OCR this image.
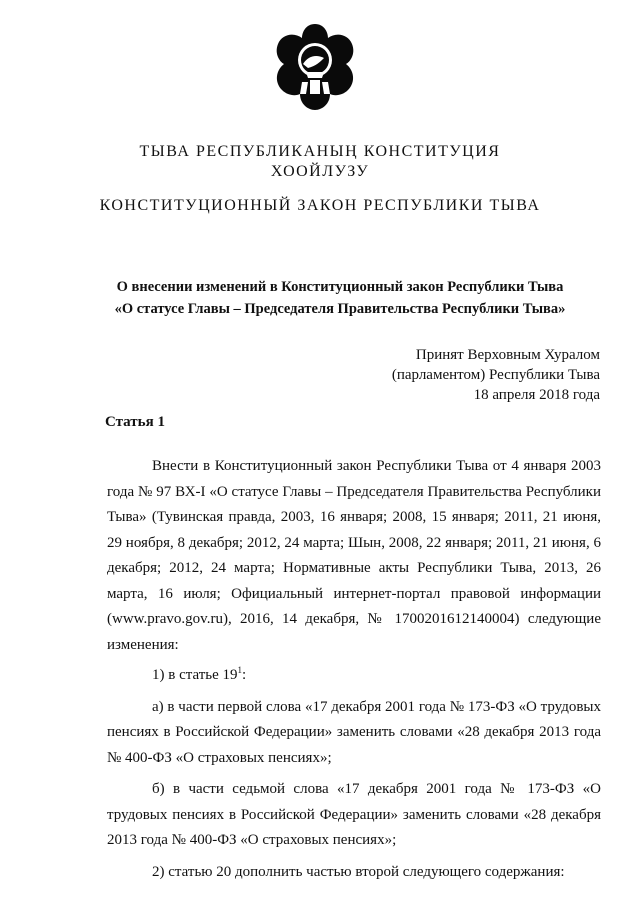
ТЫВА РЕСПУБЛИКАНЫҢ КОНСТИТУЦИЯ
ХООЙЛУЗУ
КОНСТИТУЦИОННЫЙ ЗАКОН РЕСПУБЛИКИ ТЫВА
О внесении изменений в Конституционный закон Республики Тыва
«О статусе Главы – Председателя Правительства Республики Тыва»
Принят Верховным Хуралом
(парламентом) Республики Тыва
18 апреля 2018 года
Статья 1

Внести в Конституционный закон Республики Тыва от 4 января 2003 года № 97 ВХ-I «О статусе Главы – Председателя Правительства Республики Тыва» (Тувинская правда, 2003, 16 января; 2008, 15 января; 2011, 21 июня, 29 ноября, 8 декабря; 2012, 24 марта; Шын, 2008, 22 января; 2011, 21 июня, 6 декабря; 2012, 24 марта; Нормативные акты Республики Тыва, 2013, 26 марта, 16 июля; Официальный интернет-портал правовой информации (www.pravo.gov.ru), 2016, 14 декабря, № 1700201612140004) следующие изменения:

1) в статье $19^1$:

а) в части первой слова «17 декабря 2001 года № 173-ФЗ «О трудовых пенсиях в Российской Федерации» заменить словами «28 декабря 2013 года № 400-ФЗ «О страховых пенсиях»;

б) в части седьмой слова «17 декабря 2001 года № 173-ФЗ «О трудовых пенсиях в Российской Федерации» заменить словами «28 декабря 2013 года № 400-ФЗ «О страховых пенсиях»;

2) статью 20 дополнить частью второй следующего содержания:
